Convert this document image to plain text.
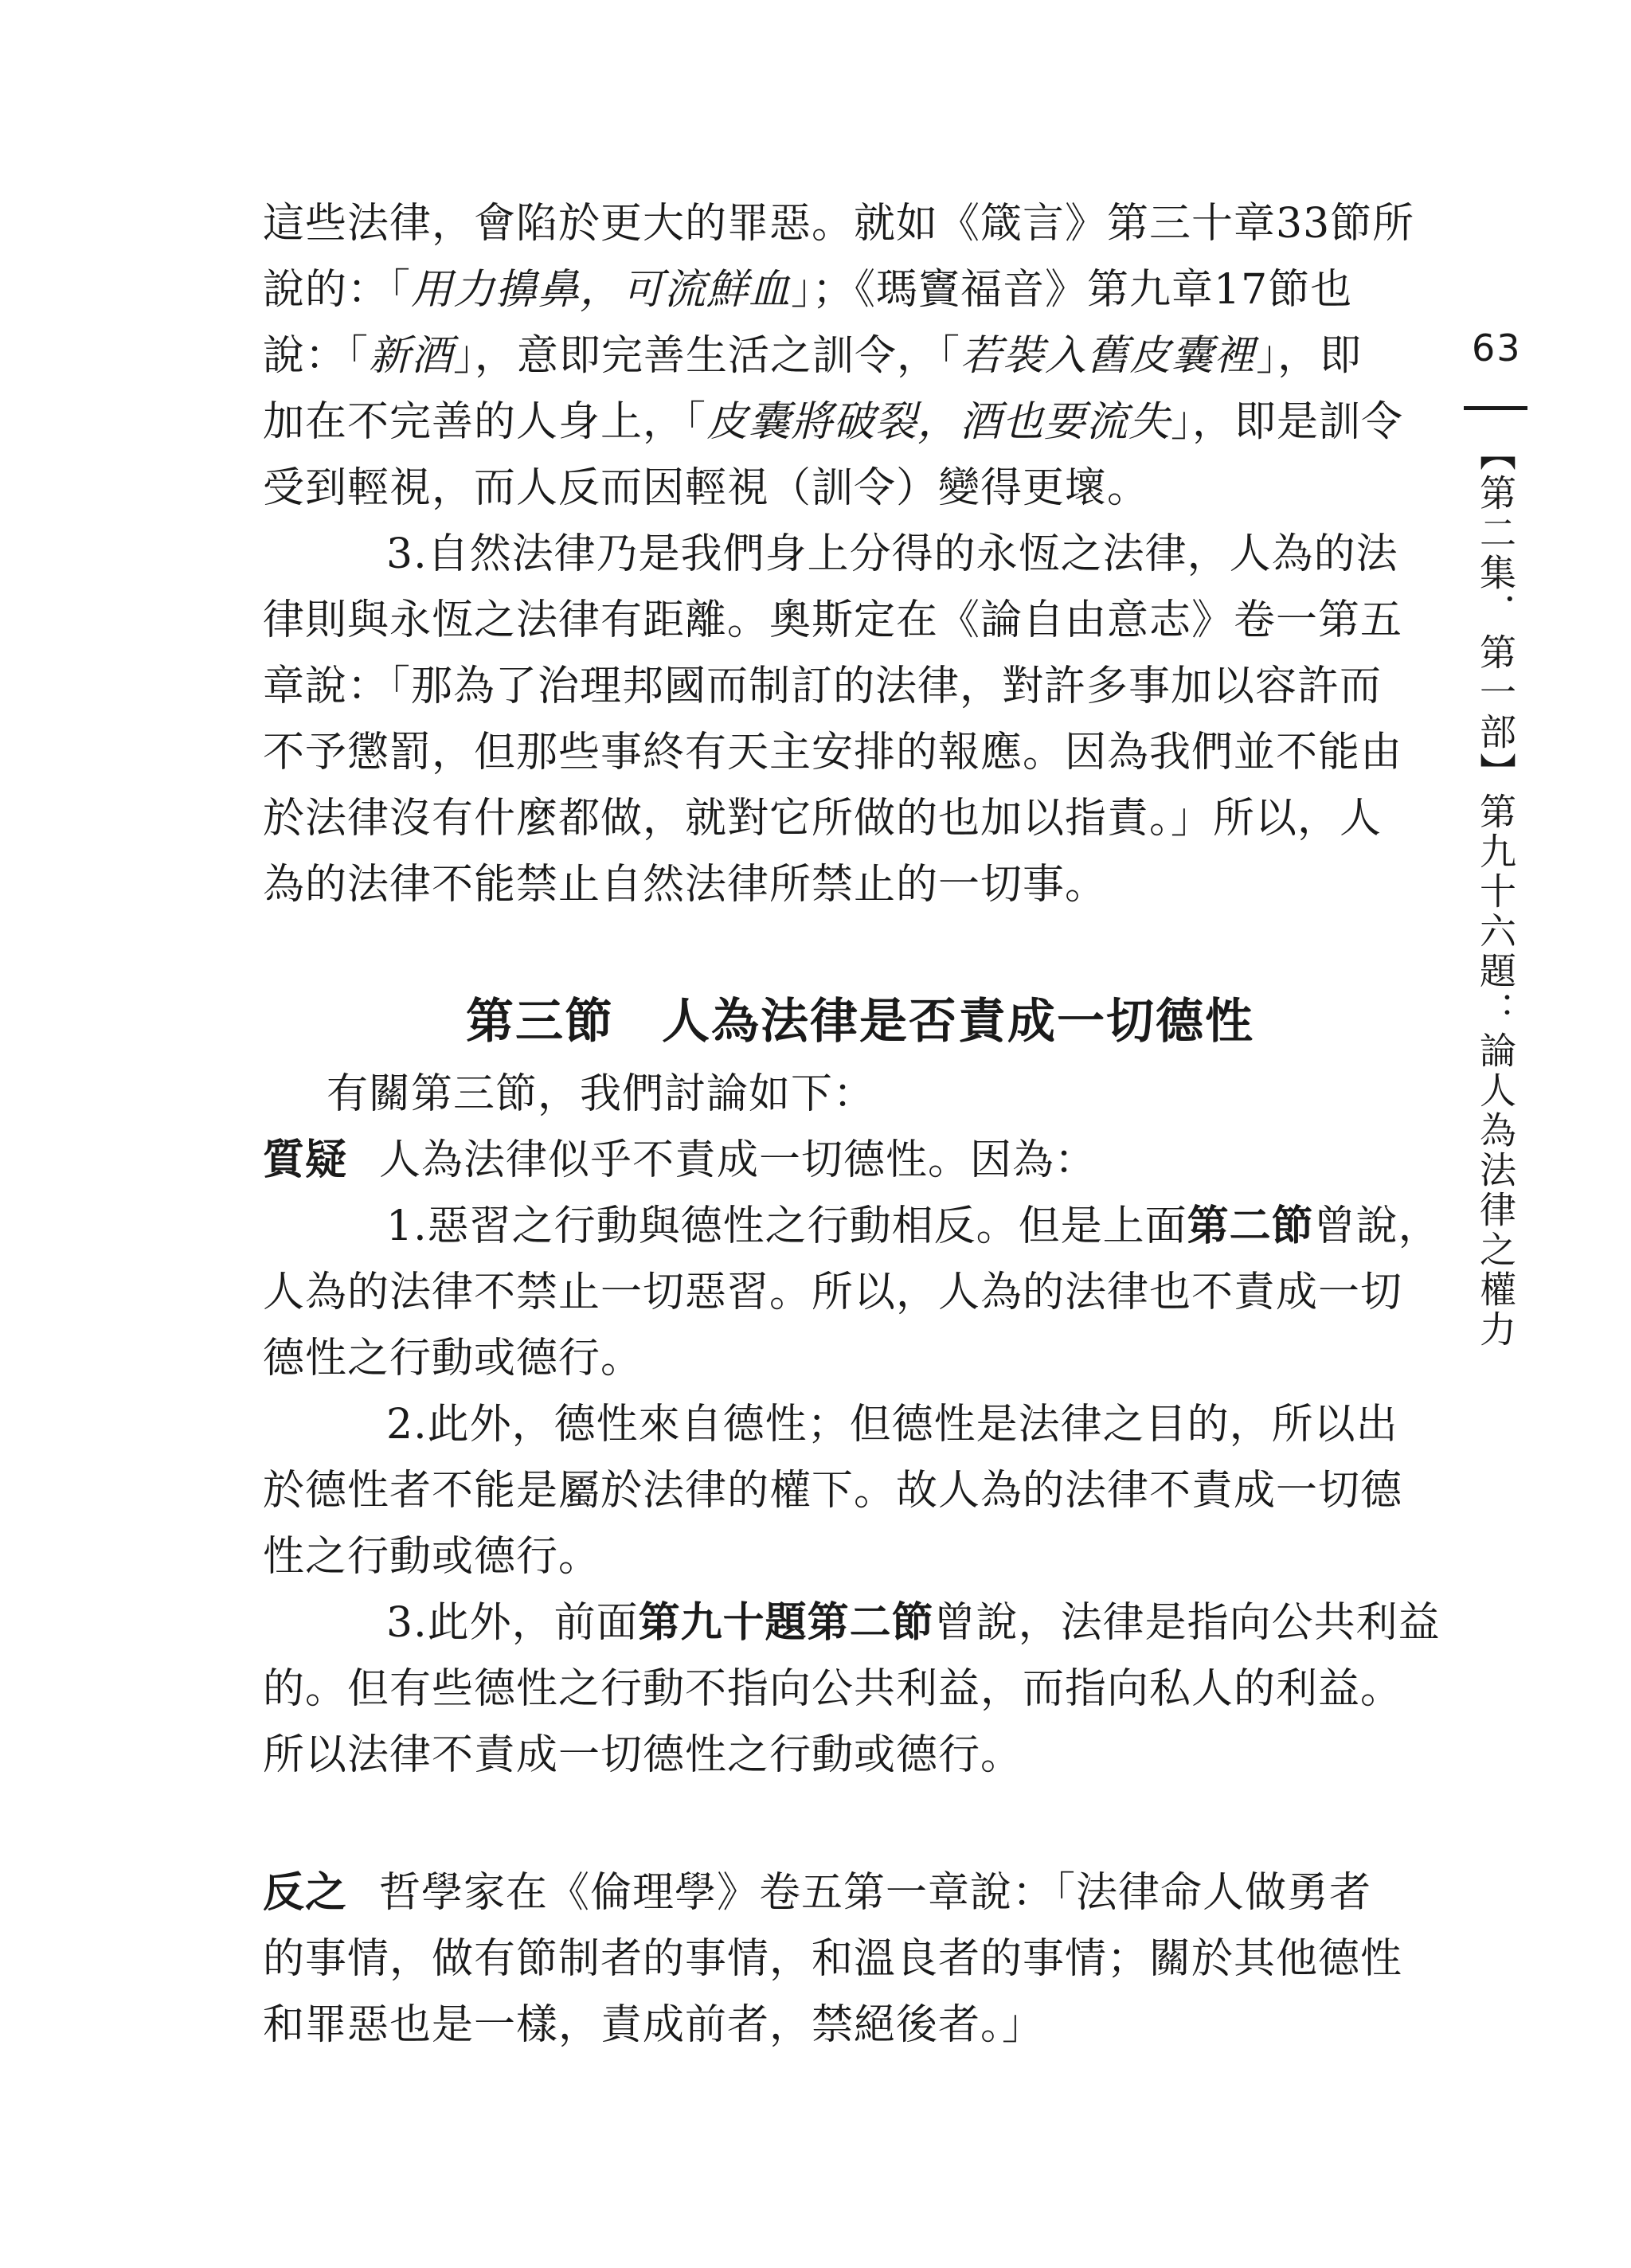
這些法律，會陷於更大的罪惡。就如《箴言》第三十章33節所
說的：「用力擤鼻，可流鮮血」；《瑪竇福音》第九章17節也
說：「新酒」，意即完善生活之訓令，「若裝入舊皮囊裡」，即
加在不完善的人身上，「皮囊將破裂，酒也要流失」，即是訓令
受到輕視，而人反而因輕視（訓令）變得更壞。
3.自然法律乃是我們身上分得的永恆之法律，人為的法
律則與永恆之法律有距離。奧斯定在《論自由意志》卷一第五
章說：「那為了治理邦國而制訂的法律，對許多事加以容許而
不予懲罰，但那些事終有天主安排的報應。因為我們並不能由
於法律沒有什麼都做，就對它所做的也加以指責。」所以，人
為的法律不能禁止自然法律所禁止的一切事。
第三節 人為法律是否責成一切德性
有關第三節，我們討論如下：
質疑 人為法律似乎不責成一切德性。因為：
1.惡習之行動與德性之行動相反。但是上面第二節曾說，
人為的法律不禁止一切惡習。所以，人為的法律也不責成一切
德性之行動或德行。
2.此外，德性來自德性；但德性是法律之目的，所以出
於德性者不能是屬於法律的權下。故人為的法律不責成一切德
性之行動或德行。
3.此外，前面第九十題第二節曾說，法律是指向公共利益
的。但有些德性之行動不指向公共利益，而指向私人的利益。
所以法律不責成一切德性之行動或德行。
反之 哲學家在《倫理學》卷五第一章說：「法律命人做勇者
的事情，做有節制者的事情，和溫良者的事情；關於其他德性
和罪惡也是一樣，責成前者，禁絕後者。」
63
【第二集．第一部】第九十六題：論人為法律之權力
